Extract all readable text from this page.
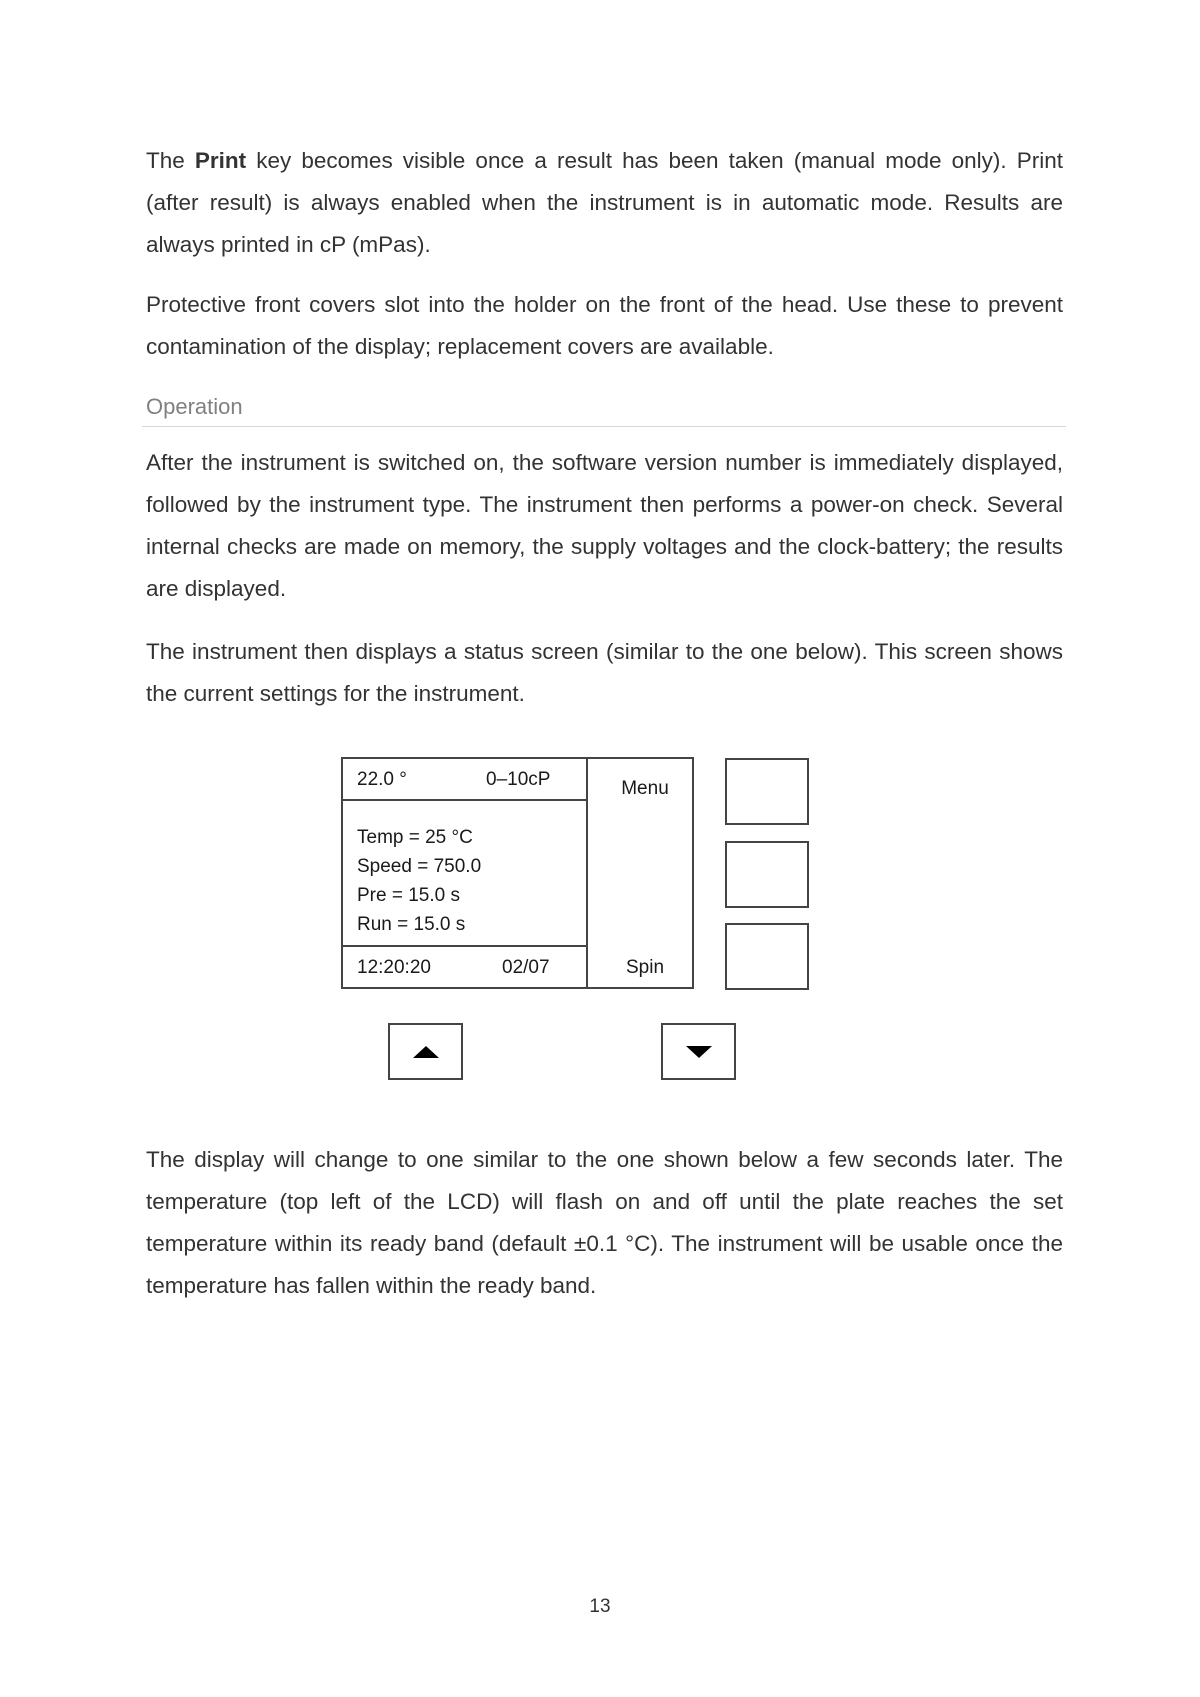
The Print key becomes visible once a result has been taken (manual mode only). Print (after result) is always enabled when the instrument is in automatic mode. Results are always printed in cP (mPas).

Protective front covers slot into the holder on the front of the head. Use these to prevent contamination of the display; replacement covers are available.

Operation

After the instrument is switched on, the software version number is immediately displayed, followed by the instrument type. The instrument then performs a power-on check. Several internal checks are made on memory, the supply voltages and the clock-battery; the results are displayed.

The instrument then displays a status screen (similar to the one below). This screen shows the current settings for the instrument.

22.0 °	0–10cP
Temp = 25 °C
Speed = 750.0
Pre = 15.0 s
Run = 15.0 s
12:20:20	02/07
Menu
Spin

The display will change to one similar to the one shown below a few seconds later. The temperature (top left of the LCD) will flash on and off until the plate reaches the set temperature within its ready band (default ±0.1 °C). The instrument will be usable once the temperature has fallen within the ready band.

13
